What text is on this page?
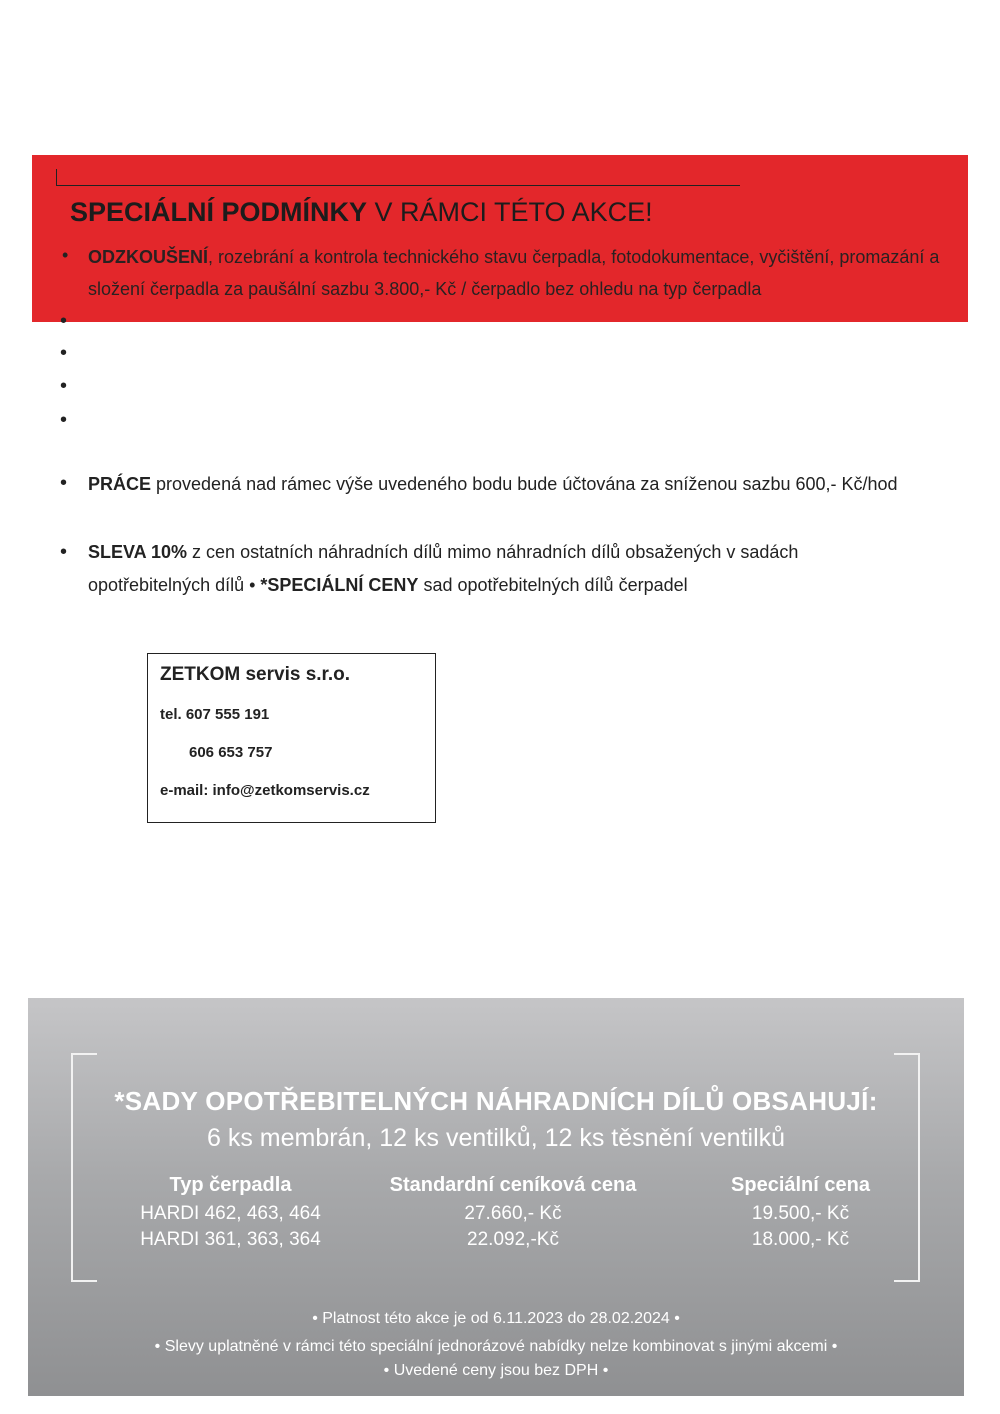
SPECIÁLNÍ PODMÍNKY V RÁMCI TÉTO AKCE!
• ODZKOUŠENÍ, rozebrání a kontrola technického stavu čerpadla, fotodokumentace, vyčištění, promazání a složení čerpadla za paušální sazbu 3.800,- Kč / čerpadlo bez ohledu na typ čerpadla
•
•
•
•
• PRÁCE provedená nad rámec výše uvedeného bodu bude účtována za sníženou sazbu 600,- Kč/hod
• SLEVA 10% z cen ostatních náhradních dílů mimo náhradních dílů obsažených v sadách opotřebitelných dílů • *SPECIÁLNÍ CENY sad opotřebitelných dílů čerpadel
ZETKOM servis s.r.o.
tel. 607 555 191
606 653 757
e-mail: info@zetkomservis.cz
*SADY OPOTŘEBITELNÝCH NÁHRADNÍCH DÍLŮ OBSAHUJÍ:
6 ks membrán, 12 ks ventilků, 12 ks těsnění ventilků
Typ čerpadla
HARDI 462, 463, 464
HARDI 361, 363, 364
Standardní ceníková cena
27.660,- Kč
22.092,-Kč
Speciální cena
19.500,- Kč
18.000,- Kč
• Platnost této akce je od 6.11.2023 do 28.02.2024 •
• Slevy uplatněné v rámci této speciální jednorázové nabídky nelze kombinovat s jinými akcemi •
• Uvedené ceny jsou bez DPH •
